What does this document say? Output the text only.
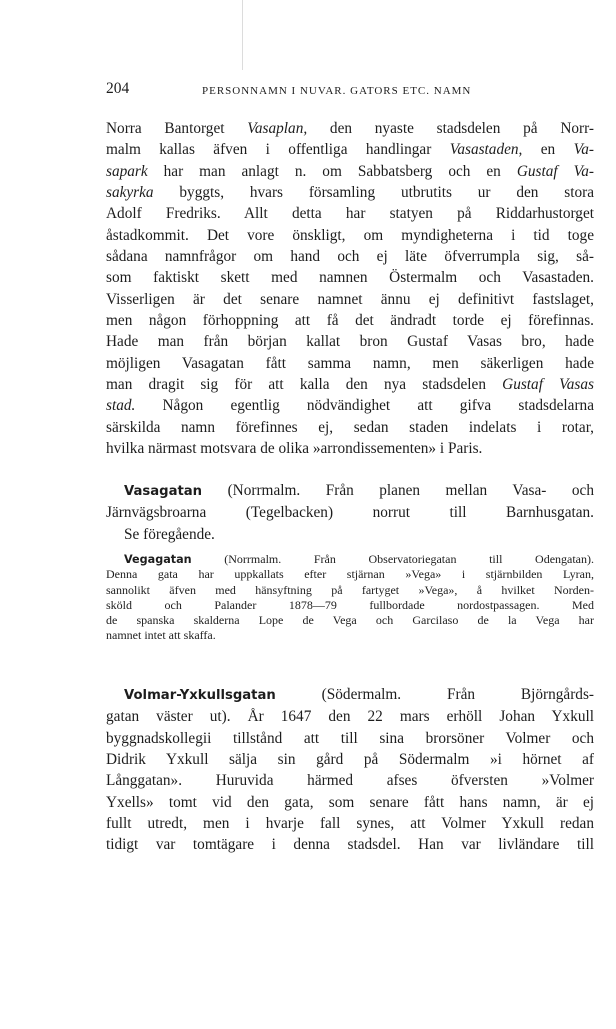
204	PERSONNAMN I NUVAR. GATORS ETC. NAMN
Norra Bantorget Vasaplan, den nyaste stadsdelen på Norr-
malm kallas äfven i offentliga handlingar Vasastaden, en Va-
sapark har man anlagt n. om Sabbatsberg och en Gustaf Va-
sakyrka byggts, hvars församling utbrutits ur den stora
Adolf Fredriks. Allt detta har statyen på Riddarhustorget
åstadkommit. Det vore önskligt, om myndigheterna i tid toge
sådana namnfrågor om hand och ej läte öfverrumpla sig, så-
som faktiskt skett med namnen Östermalm och Vasastaden.
Visserligen är det senare namnet ännu ej definitivt fastslaget,
men någon förhoppning att få det ändradt torde ej förefinnas.
Hade man från början kallat bron Gustaf Vasas bro, hade
möjligen Vasagatan fått samma namn, men säkerligen hade
man dragit sig för att kalla den nya stadsdelen Gustaf Vasas
stad. Någon egentlig nödvändighet att gifva stadsdelarna
särskilda namn förefinnes ej, sedan staden indelats i rotar,
hvilka närmast motsvara de olika »arrondissementen» i Paris.
Vasagatan (Norrmalm. Från planen mellan Vasa- och
Järnvägsbroarna (Tegelbacken) norrut till Barnhusgatan.
Se föregående.
Vegagatan (Norrmalm. Från Observatoriegatan till Odengatan).
Denna gata har uppkallats efter stjärnan »Vega» i stjärnbilden Lyran,
sannolikt äfven med hänsyftning på fartyget »Vega», å hvilket Norden-
sköld och Palander 1878—79 fullbordade nordostpassagen. Med
de spanska skalderna Lope de Vega och Garcilaso de la Vega har
namnet intet att skaffa.
Volmar-Yxkullsgatan (Södermalm. Från Björngårds-
gatan väster ut). År 1647 den 22 mars erhöll Johan Yxkull
byggnadskollegii tillstånd att till sina brorsöner Volmer och
Didrik Yxkull sälja sin gård på Södermalm »i hörnet af
Långgatan». Huruvida härmed afses öfversten »Volmer
Yxells» tomt vid den gata, som senare fått hans namn, är ej
fullt utredt, men i hvarje fall synes, att Volmer Yxkull redan
tidigt var tomtägare i denna stadsdel. Han var livländare till
